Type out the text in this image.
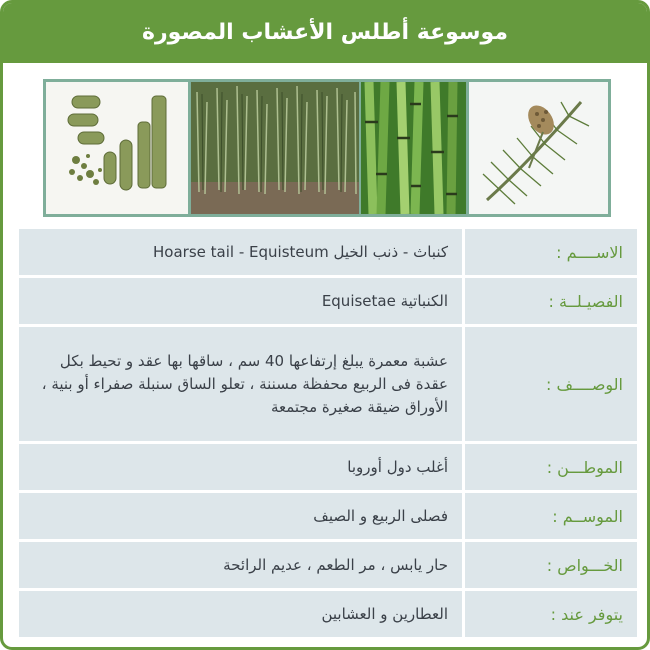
موسوعة أطلس الأعشاب المصورة
الاســــم :
كنباث - ذنب الخيل Hoarse tail - Equisteum
الفصيـلــة :
الكنباتية Equisetae
الوصــــف :
عشبة معمرة يبلغ إرتفاعها 40 سم ، ساقها بها عقد و تحيط بكل عقدة فى الربيع محفظة مسننة ، تعلو الساق سنبلة صفراء أو بنية ، الأوراق ضيقة صغيرة مجتمعة
الموطـــن :
أغلب دول أوروبا
الموســم :
فصلى الربيع و الصيف
الخـــواص :
حار يابس ، مر الطعم ، عديم الرائحة
يتوفر عند :
العطارين و العشابين
